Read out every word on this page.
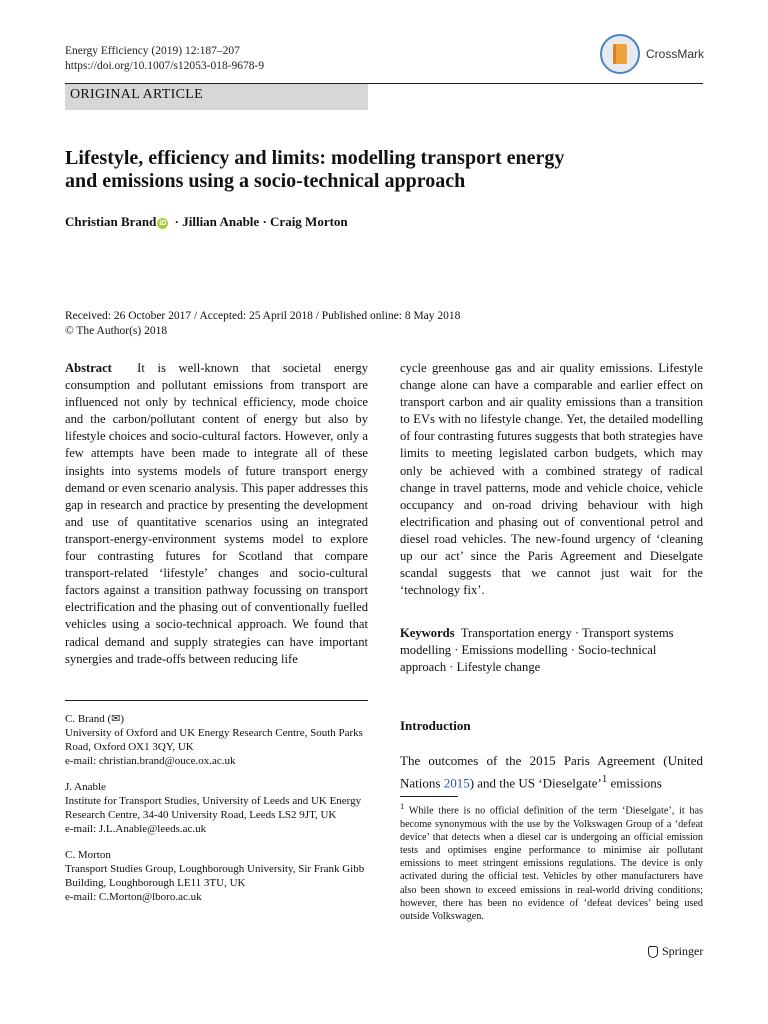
Energy Efficiency (2019) 12:187–207
https://doi.org/10.1007/s12053-018-9678-9
CrossMark
ORIGINAL ARTICLE
Lifestyle, efficiency and limits: modelling transport energy
and emissions using a socio-technical approach
Christian Brand iD · Jillian Anable · Craig Morton
Received: 26 October 2017 / Accepted: 25 April 2018 / Published online: 8 May 2018
© The Author(s) 2018
Abstract It is well-known that societal energy consumption and pollutant emissions from transport are influenced not only by technical efficiency, mode choice and the carbon/pollutant content of energy but also by lifestyle choices and socio-cultural factors. However, only a few attempts have been made to integrate all of these insights into systems models of future transport energy demand or even scenario analysis. This paper addresses this gap in research and practice by presenting the development and use of quantitative scenarios using an integrated transport-energy-environment systems model to explore four contrasting futures for Scotland that compare transport-related ‘lifestyle’ changes and socio-cultural factors against a transition pathway focussing on transport electrification and the phasing out of conventionally fuelled vehicles using a socio-technical approach. We found that radical demand and supply strategies can have important synergies and trade-offs between reducing life
cycle greenhouse gas and air quality emissions. Lifestyle change alone can have a comparable and earlier effect on transport carbon and air quality emissions than a transition to EVs with no lifestyle change. Yet, the detailed modelling of four contrasting futures suggests that both strategies have limits to meeting legislated carbon budgets, which may only be achieved with a combined strategy of radical change in travel patterns, mode and vehicle choice, vehicle occupancy and on-road driving behaviour with high electrification and phasing out of conventional petrol and diesel road vehicles. The new-found urgency of ‘cleaning up our act’ since the Paris Agreement and Dieselgate scandal suggests that we cannot just wait for the ‘technology fix’.
Keywords Transportation energy · Transport systems modelling · Emissions modelling · Socio-technical approach · Lifestyle change
C. Brand (✉)
University of Oxford and UK Energy Research Centre, South Parks Road, Oxford OX1 3QY, UK
e-mail: christian.brand@ouce.ox.ac.uk
J. Anable
Institute for Transport Studies, University of Leeds and UK Energy Research Centre, 34-40 University Road, Leeds LS2 9JT, UK
e-mail: J.L.Anable@leeds.ac.uk
C. Morton
Transport Studies Group, Loughborough University, Sir Frank Gibb Building, Loughborough LE11 3TU, UK
e-mail: C.Morton@lboro.ac.uk
Introduction
The outcomes of the 2015 Paris Agreement (United Nations 2015) and the US ‘Dieselgate’$^1$ emissions
$^1$ While there is no official definition of the term ‘Dieselgate’, it has become synonymous with the use by the Volkswagen Group of a ‘defeat device’ that detects when a diesel car is undergoing an official emission tests and optimises engine performance to minimise air pollutant emissions to meet stringent emissions regulations. The device is only activated during the official test. Vehicles by other manufacturers have also been shown to exceed emissions in real-world driving conditions; however, there has been no evidence of ‘defeat devices’ being used outside Volkswagen.
Springer
